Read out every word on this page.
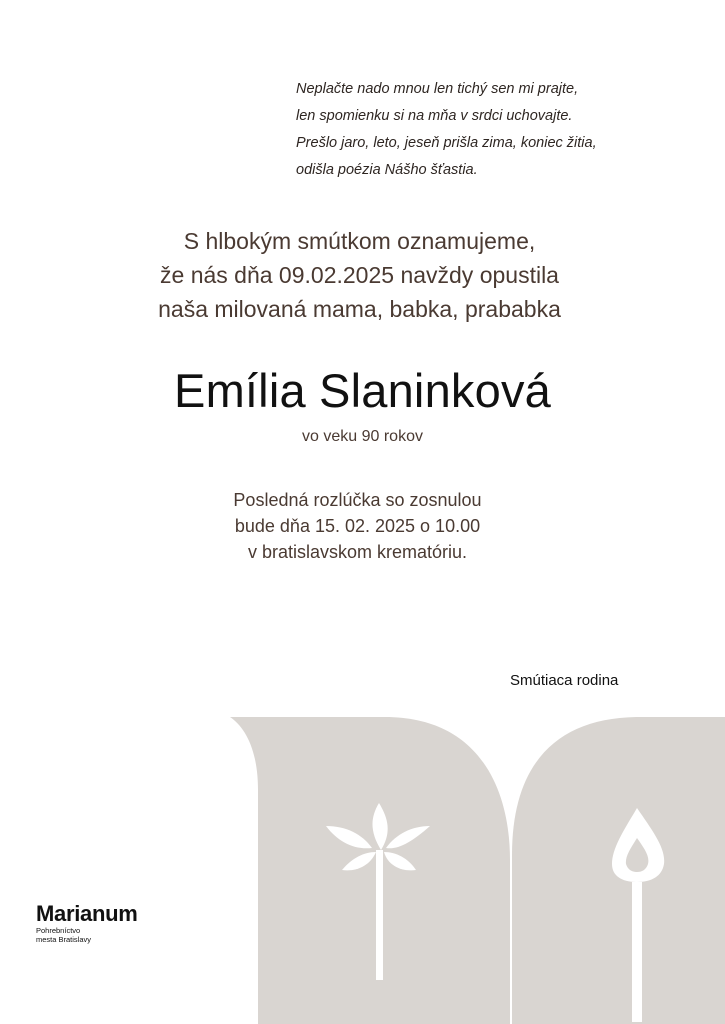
Neplačte nado mnou len tichý sen mi prajte,
len spomienku si na mňa v srdci uchovajte.
Prešlo jaro, leto, jeseň prišla zima, koniec žitia,
odišla poézia Nášho šťastia.
S hlbokým smútkom oznamujeme,
že nás dňa 09.02.2025 navždy opustila
naša milovaná mama, babka, prababka
Emília Slaninková
vo veku 90 rokov
Posledná rozlúčka so zosnulou
bude dňa 15. 02. 2025 o 10.00
v bratislavskom krematóriu.
Smútiaca rodina
Marianum
Pohrebníctvo
mesta Bratislavy
